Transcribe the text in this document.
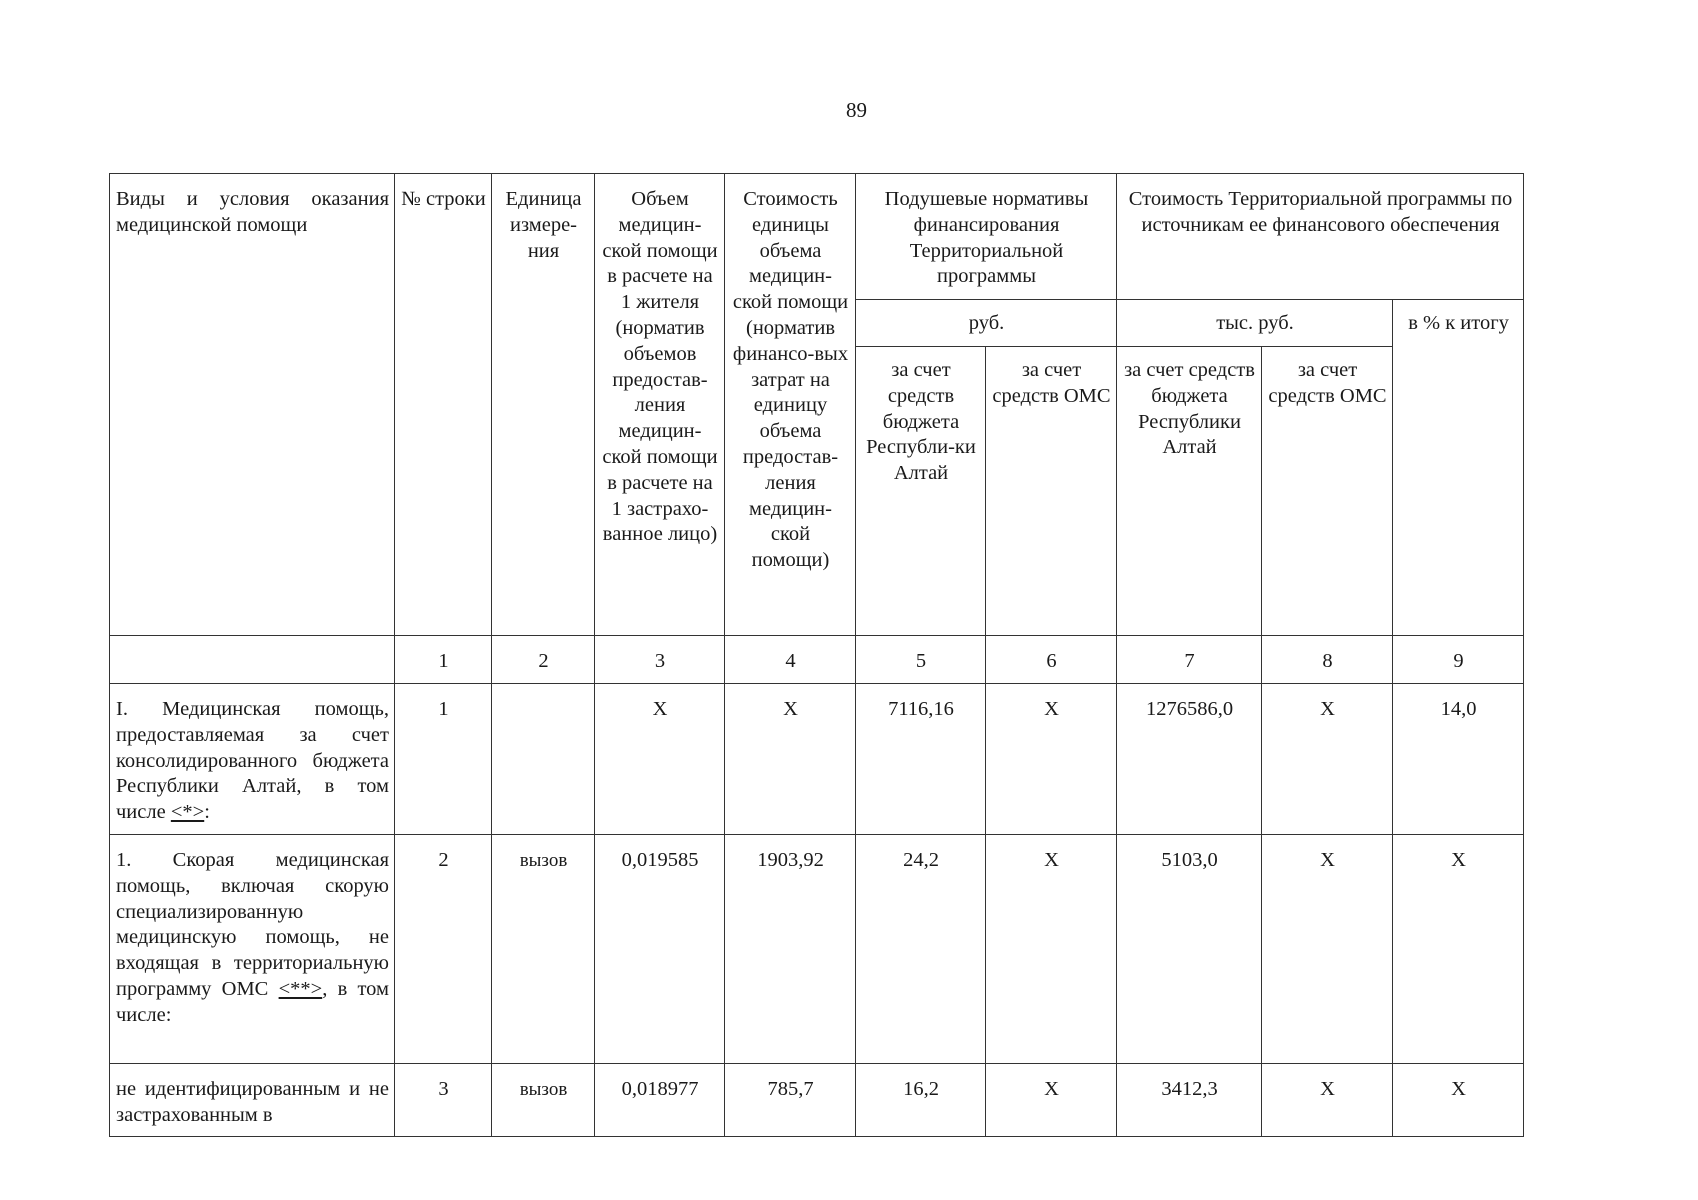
89
Виды и условия оказания медицинской помощи	№ строки	Единица измере-ния	Объем медицин-ской помощи в расчете на 1 жителя (норматив объемов предостав-ления медицин-ской помощи в расчете на 1 застрахо-ванное лицо)	Стоимость единицы объема медицин-ской помощи (норматив финансо-вых затрат на единицу объема предостав-ления медицин-ской помощи)	Подушевые нормативы финансирования Территориальной программы		Стоимость Территориальной программы по источникам ее финансового обеспечения		
					руб.		тыс. руб.		в % к итогу
					за счет средств бюджета Республи-ки Алтай	за счет средств ОМС	за счет средств бюджета Республики Алтай	за счет средств ОМС	
	1	2	3	4	5	6	7	8	9
I. Медицинская помощь, предоставляемая за счет консолидированного бюджета Республики Алтай, в том числе <*>:	1		X	X	7116,16	X	1276586,0	X	14,0
1. Скорая медицинская помощь, включая скорую специализированную медицинскую помощь, не входящая в территориальную программу ОМС <**>, в том числе:	2	вызов	0,019585	1903,92	24,2	X	5103,0	X	X
не идентифицированным и не застрахованным в	3	вызов	0,018977	785,7	16,2	X	3412,3	X	X
